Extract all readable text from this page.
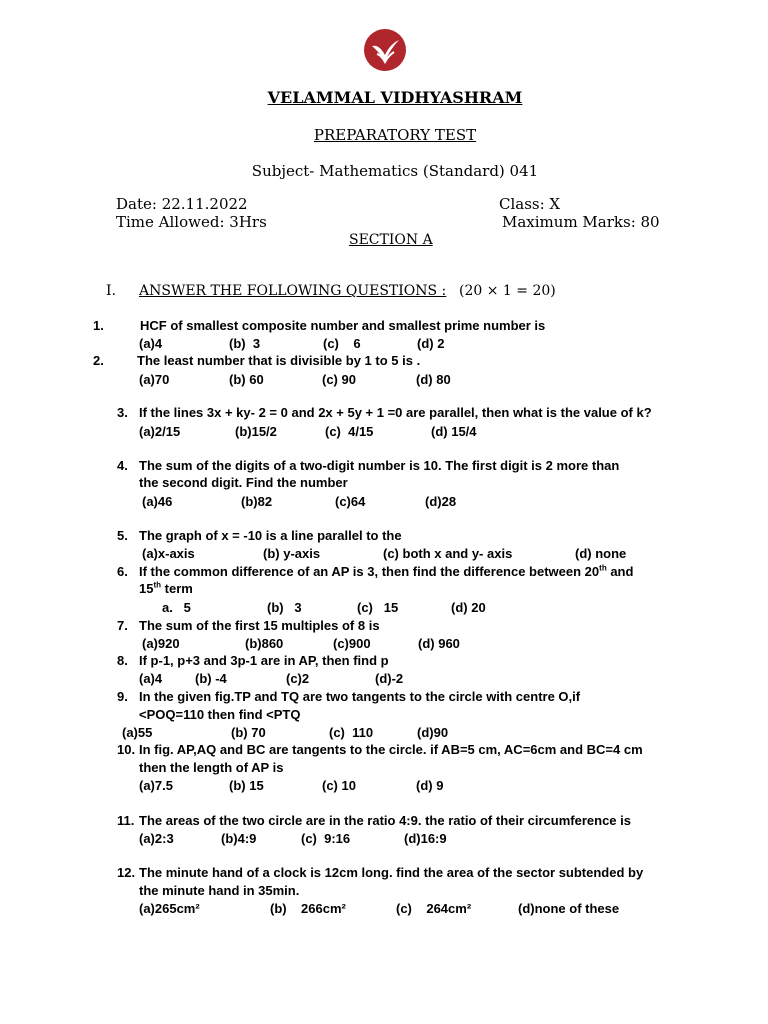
VELAMMAL VIDHYASHRAM
PREPARATORY TEST
Subject- Mathematics (Standard) 041
Date: 22.11.2022
Time Allowed: 3Hrs
Class: X
Maximum Marks: 80
SECTION A
I. ANSWER THE FOLLOWING QUESTIONS : (20 × 1 = 20)
1.	HCF of smallest composite number and smallest prime number is
(a)4	(b)  3	(c)    6	(d) 2
2.	The least number that is divisible by 1 to 5 is .
(a)70	(b) 60	(c) 90	(d) 80
3. If the lines 3x + ky- 2 = 0 and 2x + 5y + 1 =0 are parallel, then what is the value of k?
(a)2/15	(b)15/2	(c)  4/15	(d) 15/4
4. The sum of the digits of a two-digit number is 10. The first digit is 2 more than
the second digit. Find the number
(a)46	(b)82	(c)64	(d)28
5. The graph of x = -10 is a line parallel to the
(a)x-axis	(b) y-axis	(c) both x and y- axis	(d) none
6. If the common difference of an AP is 3, then find the difference between 20th and
15th term
a.   5	(b)   3	(c)   15	(d) 20
7. The sum of the first 15 multiples of 8 is
(a)920	(b)860	(c)900	(d) 960
8. If p-1, p+3 and 3p-1 are in AP, then find p
(a)4	(b) -4	(c)2	(d)-2
9. In the given fig.TP and TQ are two tangents to the circle with centre O,if
<POQ=110 then find <PTQ
(a)55	(b) 70	(c)  110	(d)90
10. In fig. AP,AQ and BC are tangents to the circle. if AB=5 cm, AC=6cm and BC=4 cm
then the length of AP is
(a)7.5	(b) 15	(c) 10	(d) 9
11. The areas of the two circle are in the ratio 4:9. the ratio of their circumference is
(a)2:3	(b)4:9	(c)  9:16	(d)16:9
12. The minute hand of a clock is 12cm long. find the area of the sector subtended by
the minute hand in 35min.
(a)265cm²	(b)    266cm²	(c)    264cm²	(d)none of these
